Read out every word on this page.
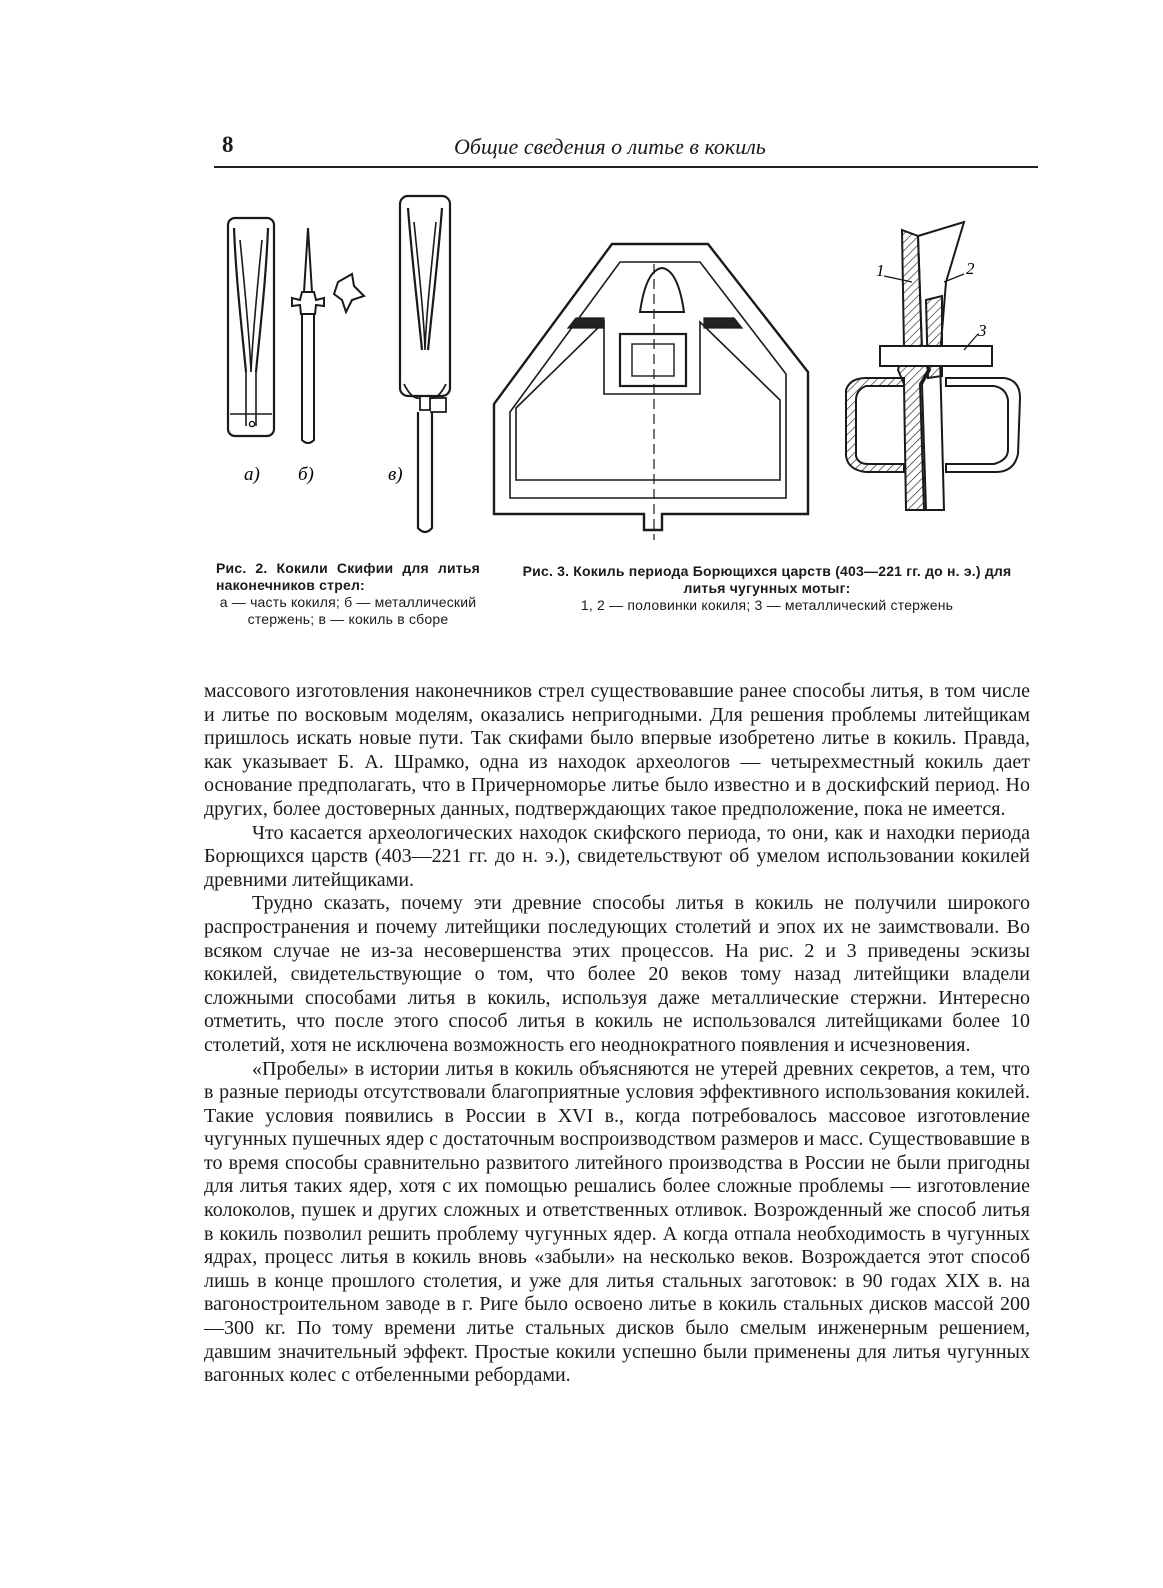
8	Общие сведения о литье в кокиль
а) б)	в)
1	2
3
Рис. 2. Кокили Скифии для литья наконечников стрел:
а — часть кокиля; б — металлический стержень; в — кокиль в сборе
Рис. 3. Кокиль периода Борющихся царств (403—221 гг. до н. э.) для литья чугунных мотыг:
1, 2 — половинки кокиля; 3 — металлический стержень

массового изготовления наконечников стрел существовавшие ранее способы литья, в том числе и литье по восковым моделям, оказались непригодными. Для решения проблемы литейщикам пришлось искать новые пути. Так скифами было впервые изобретено литье в кокиль. Правда, как указывает Б. А. Шрамко, одна из находок археологов — четырехместный кокиль дает основание предполагать, что в Причерноморье литье было известно и в доскифский период. Но других, более достоверных данных, подтверждающих такое предположение, пока не имеется.

Что касается археологических находок скифского периода, то они, как и находки периода Борющихся царств (403—221 гг. до н. э.), свидетельствуют об умелом использовании кокилей древними литейщиками.

Трудно сказать, почему эти древние способы литья в кокиль не получили широкого распространения и почему литейщики последующих столетий и эпох их не заимствовали. Во всяком случае не из-за несовершенства этих процессов. На рис. 2 и 3 приведены эскизы кокилей, свидетельствующие о том, что более 20 веков тому назад литейщики владели сложными способами литья в кокиль, используя даже металлические стержни. Интересно отметить, что после этого способ литья в кокиль не использовался литейщиками более 10 столетий, хотя не исключена возможность его неоднократного появления и исчезновения.

«Пробелы» в истории литья в кокиль объясняются не утерей древних секретов, а тем, что в разные периоды отсутствовали благоприятные условия эффективного использования кокилей. Такие условия появились в России в XVI в., когда потребовалось массовое изготовление чугунных пушечных ядер с достаточным воспроизводством размеров и масс. Существовавшие в то время способы сравнительно развитого литейного производства в России не были пригодны для литья таких ядер, хотя с их помощью решались более сложные проблемы — изготовление колоколов, пушек и других сложных и ответственных отливок. Возрожденный же способ литья в кокиль позволил решить проблему чугунных ядер. А когда отпала необходимость в чугунных ядрах, процесс литья в кокиль вновь «забыли» на несколько веков. Возрождается этот способ лишь в конце прошлого столетия, и уже для литья стальных заготовок: в 90 годах XIX в. на вагоностроительном заводе в г. Риге было освоено литье в кокиль стальных дисков массой 200—300 кг. По тому времени литье стальных дисков было смелым инженерным решением, давшим значительный эффект. Простые кокили успешно были применены для литья чугунных вагонных колес с отбеленными ребордами.
